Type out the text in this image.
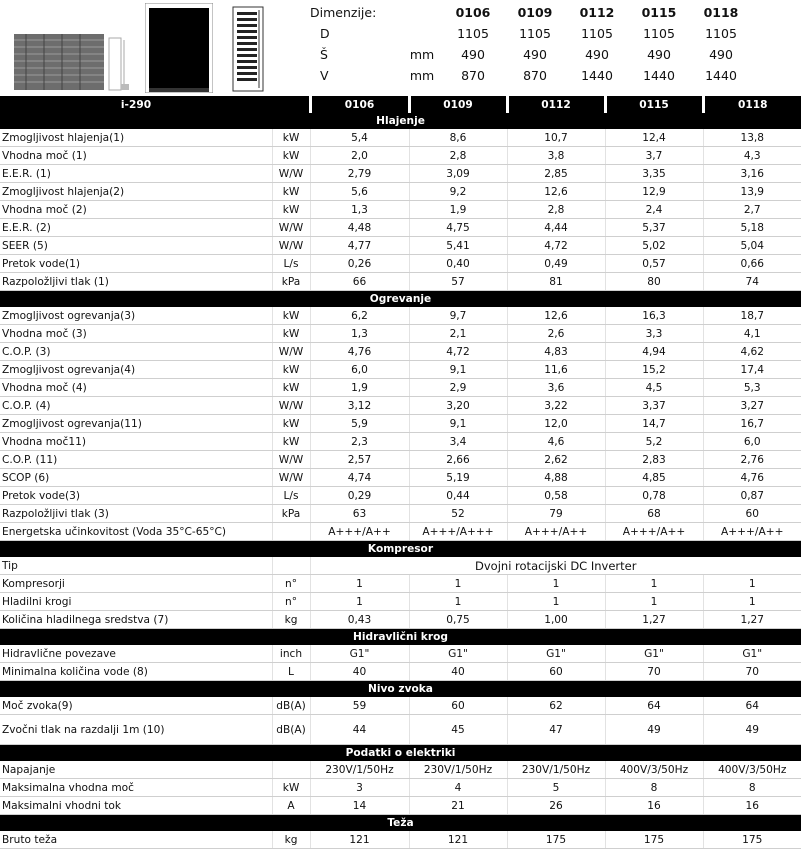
Dimenzije:		0106	0109	0112	0115	0118
D		1105	1105	1105	1105	1105
Š	mm	490	490	490	490	490
V	mm	870	870	1440	1440	1440
i-290		0106	0109	0112	0115	0118
Hlajenje						
Zmogljivost hlajenja(1)	kW	5,4	8,6	10,7	12,4	13,8
Vhodna moč (1)	kW	2,0	2,8	3,8	3,7	4,3
E.E.R. (1)	W/W	2,79	3,09	2,85	3,35	3,16
Zmogljivost hlajenja(2)	kW	5,6	9,2	12,6	12,9	13,9
Vhodna moč (2)	kW	1,3	1,9	2,8	2,4	2,7
E.E.R. (2)	W/W	4,48	4,75	4,44	5,37	5,18
SEER (5)	W/W	4,77	5,41	4,72	5,02	5,04
Pretok vode(1)	L/s	0,26	0,40	0,49	0,57	0,66
Razpoložljivi tlak (1)	kPa	66	57	81	80	74
Ogrevanje						
Zmogljivost ogrevanja(3)	kW	6,2	9,7	12,6	16,3	18,7
Vhodna moč (3)	kW	1,3	2,1	2,6	3,3	4,1
C.O.P. (3)	W/W	4,76	4,72	4,83	4,94	4,62
Zmogljivost ogrevanja(4)	kW	6,0	9,1	11,6	15,2	17,4
Vhodna moč (4)	kW	1,9	2,9	3,6	4,5	5,3
C.O.P. (4)	W/W	3,12	3,20	3,22	3,37	3,27
Zmogljivost ogrevanja(11)	kW	5,9	9,1	12,0	14,7	16,7
Vhodna moč11)	kW	2,3	3,4	4,6	5,2	6,0
C.O.P. (11)	W/W	2,57	2,66	2,62	2,83	2,76
SCOP (6)	W/W	4,74	5,19	4,88	4,85	4,76
Pretok vode(3)	L/s	0,29	0,44	0,58	0,78	0,87
Razpoložljivi tlak (3)	kPa	63	52	79	68	60
Energetska učinkovitost (Voda 35°C-65°C)		A+++/A++	A+++/A+++	A+++/A++	A+++/A++	A+++/A++
Kompresor						
Tip		Dvojni rotacijski DC Inverter				
Kompresorji	n°	1	1	1	1	1
Hladilni krogi	n°	1	1	1	1	1
Količina hladilnega sredstva (7)	kg	0,43	0,75	1,00	1,27	1,27
Hidravlični krog						
Hidravlične povezave	inch	G1"	G1"	G1"	G1"	G1"
Minimalna količina vode (8)	L	40	40	60	70	70
Nivo zvoka						
Moč zvoka(9)	dB(A)	59	60	62	64	64
Zvočni tlak na razdalji 1m (10)	dB(A)	44	45	47	49	49
Podatki o elektriki						
Napajanje		230V/1/50Hz	230V/1/50Hz	230V/1/50Hz	400V/3/50Hz	400V/3/50Hz
Maksimalna vhodna moč	kW	3	4	5	8	8
Maksimalni vhodni tok	A	14	21	26	16	16
Teža						
Bruto teža	kg	121	121	175	175	175
